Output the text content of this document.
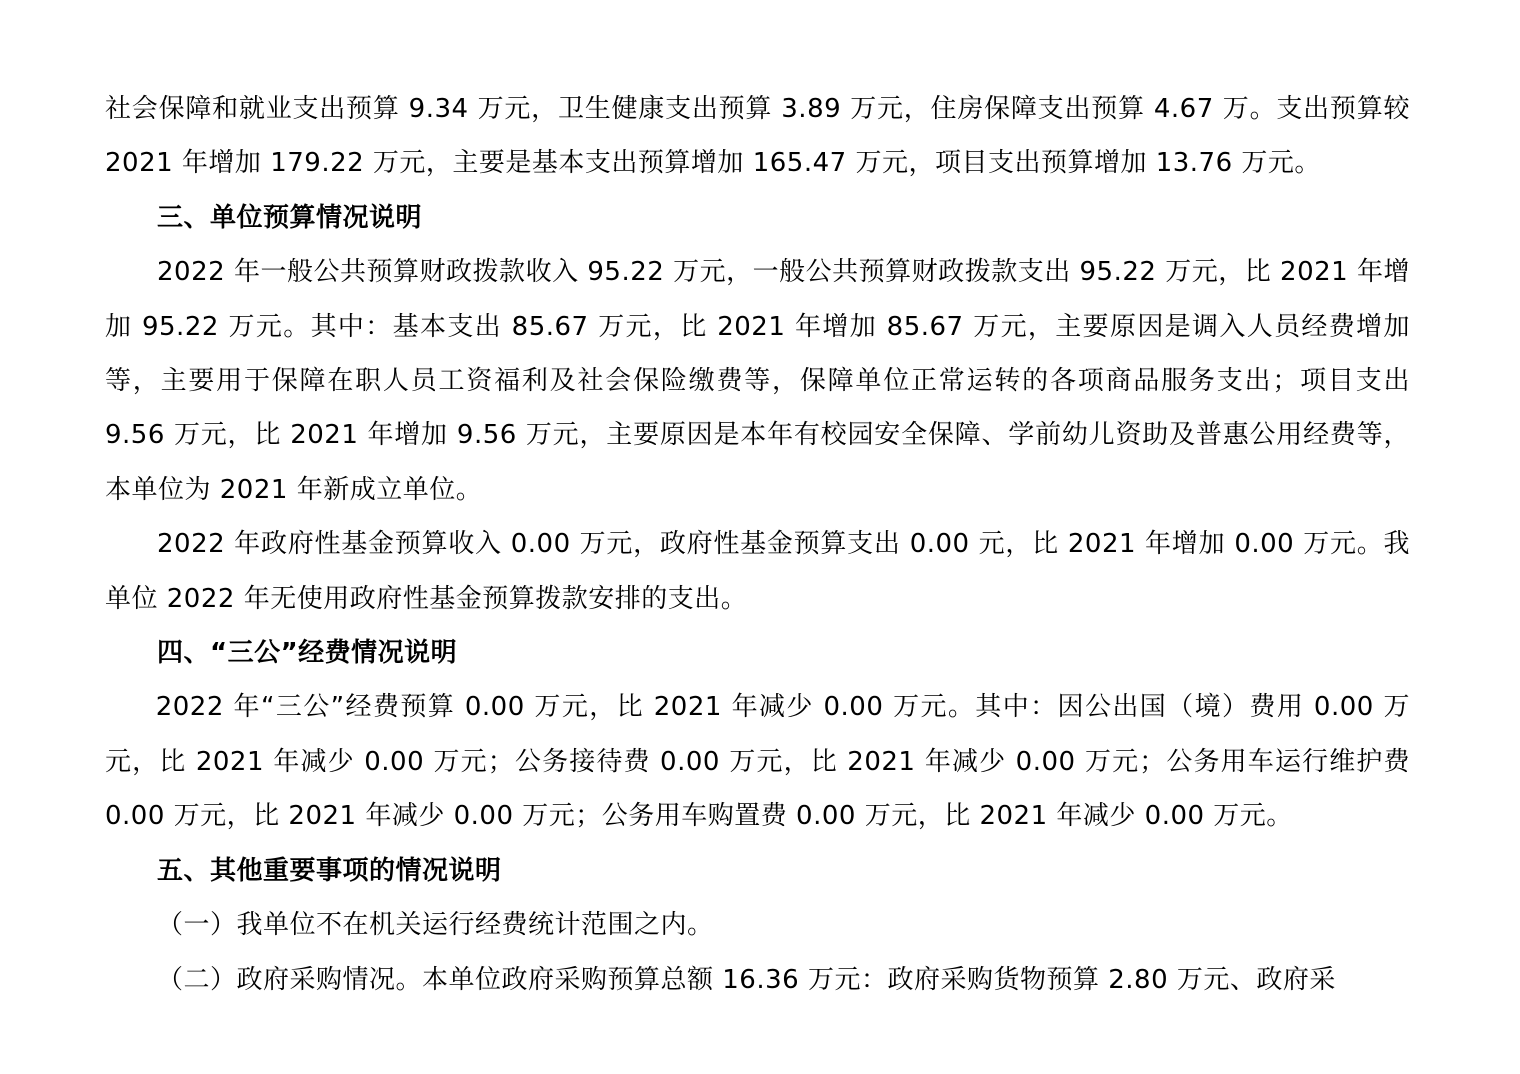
社会保障和就业支出预算 9.34 万元，卫生健康支出预算 3.89 万元，住房保障支出预算 4.67 万。支出预算较 2021 年增加 179.22 万元，主要是基本支出预算增加 165.47 万元，项目支出预算增加 13.76 万元。

三、单位预算情况说明

2022 年一般公共预算财政拨款收入 95.22 万元，一般公共预算财政拨款支出 95.22 万元，比 2021 年增加 95.22 万元。其中：基本支出 85.67 万元，比 2021 年增加 85.67 万元，主要原因是调入人员经费增加等，主要用于保障在职人员工资福利及社会保险缴费等，保障单位正常运转的各项商品服务支出；项目支出 9.56 万元，比 2021 年增加 9.56 万元，主要原因是本年有校园安全保障、学前幼儿资助及普惠公用经费等，本单位为 2021 年新成立单位。

2022 年政府性基金预算收入 0.00 万元，政府性基金预算支出 0.00 元，比 2021 年增加 0.00 万元。我单位 2022 年无使用政府性基金预算拨款安排的支出。

四、“三公”经费情况说明

2022 年“三公”经费预算 0.00 万元，比 2021 年减少 0.00 万元。其中：因公出国（境）费用 0.00 万元，比 2021 年减少 0.00 万元；公务接待费 0.00 万元，比 2021 年减少 0.00 万元；公务用车运行维护费 0.00 万元，比 2021 年减少 0.00 万元；公务用车购置费 0.00 万元，比 2021 年减少 0.00 万元。

五、其他重要事项的情况说明

（一）我单位不在机关运行经费统计范围之内。

（二）政府采购情况。本单位政府采购预算总额 16.36 万元：政府采购货物预算 2.80 万元、政府采
